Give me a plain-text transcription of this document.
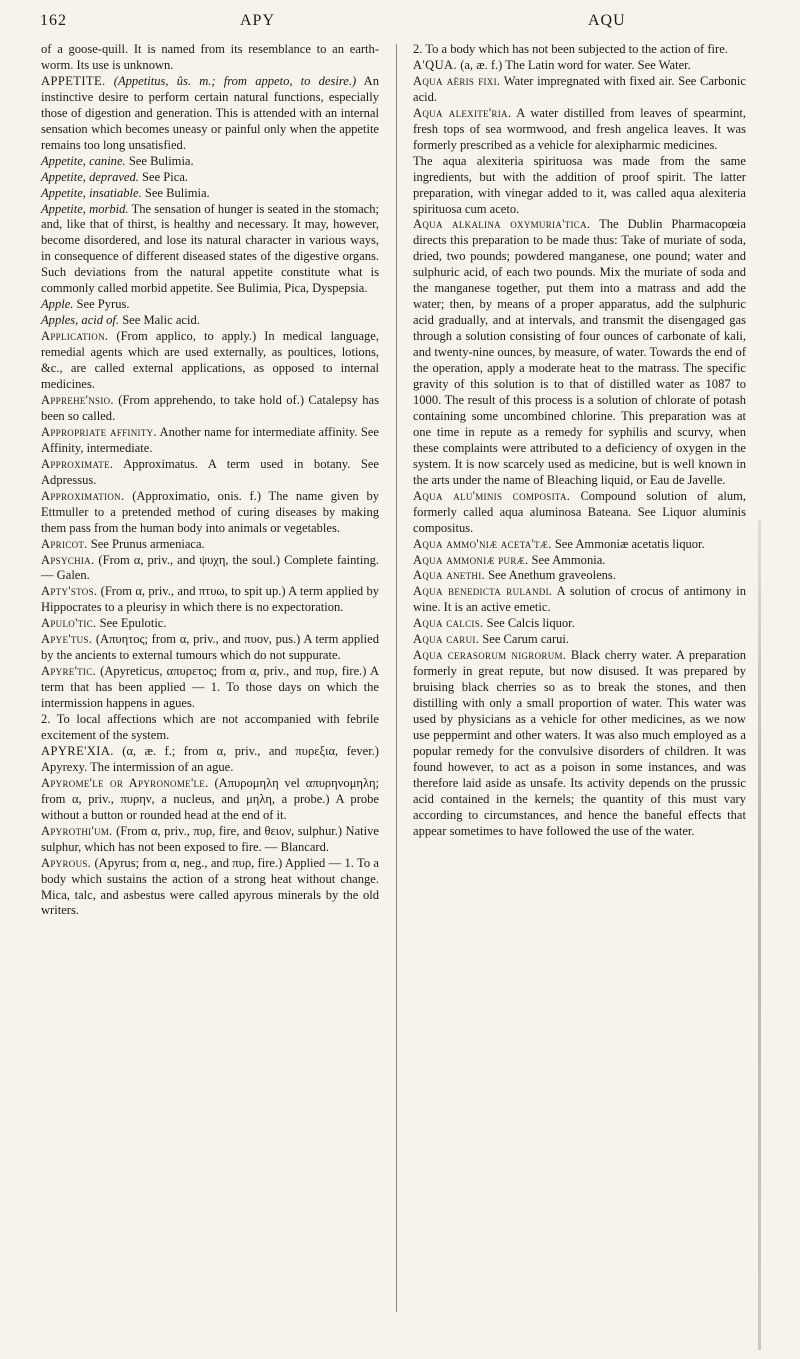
162	APY	AQU

of a goose-quill. It is named from its resemblance to an earth-worm. Its use is unknown.

APPETITE. (Appetitus, ûs. m.; from appeto, to desire.) An instinctive desire to perform certain natural functions, especially those of digestion and generation. This is attended with an internal sensation which becomes uneasy or painful only when the appetite remains too long unsatisfied.

Appetite, canine. See Bulimia.

Appetite, depraved. See Pica.

Appetite, insatiable. See Bulimia.

Appetite, morbid. The sensation of hunger is seated in the stomach; and, like that of thirst, is healthy and necessary. It may, however, become disordered, and lose its natural character in various ways, in consequence of different diseased states of the digestive organs. Such deviations from the natural appetite constitute what is commonly called morbid appetite. See Bulimia, Pica, Dyspepsia.

Apple. See Pyrus.

Apples, acid of. See Malic acid.

Application. (From applico, to apply.) In medical language, remedial agents which are used externally, as poultices, lotions, &c., are called external applications, as opposed to internal medicines.

Apprehe'nsio. (From apprehendo, to take hold of.) Catalepsy has been so called.

Appropriate affinity. Another name for intermediate affinity. See Affinity, intermediate.

Approximate. Approximatus. A term used in botany. See Adpressus.

Approximation. (Approximatio, onis. f.) The name given by Ettmuller to a pretended method of curing diseases by making them pass from the human body into animals or vegetables.

Apricot. See Prunus armeniaca.

Apsychia. (From α, priv., and ψυχη, the soul.) Complete fainting. — Galen.

Apty'stos. (From α, priv., and πτυω, to spit up.) A term applied by Hippocrates to a pleurisy in which there is no expectoration.

Apulo'tic. See Epulotic.

Apye'tus. (Απυητος; from α, priv., and πυον, pus.) A term applied by the ancients to external tumours which do not suppurate.

Apyre'tic. (Apyreticus, απυρετος; from α, priv., and πυρ, fire.) A term that has been applied — 1. To those days on which the intermission happens in agues.

2. To local affections which are not accompanied with febrile excitement of the system.

APYRE'XIA. (α, æ. f.; from α, priv., and πυρεξια, fever.) Apyrexy. The intermission of an ague.

Apyrome'le or Apyronome'le. (Απυρομηλη vel απυρηνομηλη; from α, priv., πυρην, a nucleus, and μηλη, a probe.) A probe without a button or rounded head at the end of it.

Apyrothi'um. (From α, priv., πυρ, fire, and θειον, sulphur.) Native sulphur, which has not been exposed to fire. — Blancard.

Apyrous. (Apyrus; from α, neg., and πυρ, fire.) Applied — 1. To a body which sustains the action of a strong heat without change. Mica, talc, and asbestus were called apyrous minerals by the old writers.

2. To a body which has not been subjected to the action of fire.

A'QUA. (a, æ. f.) The Latin word for water. See Water.

Aqua aëris fixi. Water impregnated with fixed air. See Carbonic acid.

Aqua alexite'ria. A water distilled from leaves of spearmint, fresh tops of sea wormwood, and fresh angelica leaves. It was formerly prescribed as a vehicle for alexipharmic medicines.

The aqua alexiteria spirituosa was made from the same ingredients, but with the addition of proof spirit. The latter preparation, with vinegar added to it, was called aqua alexiteria spirituosa cum aceto.

Aqua alkalina oxymuria'tica. The Dublin Pharmacopœia directs this preparation to be made thus: Take of muriate of soda, dried, two pounds; powdered manganese, one pound; water and sulphuric acid, of each two pounds. Mix the muriate of soda and the manganese together, put them into a matrass and add the water; then, by means of a proper apparatus, add the sulphuric acid gradually, and at intervals, and transmit the disengaged gas through a solution consisting of four ounces of carbonate of kali, and twenty-nine ounces, by measure, of water. Towards the end of the operation, apply a moderate heat to the matrass. The specific gravity of this solution is to that of distilled water as 1087 to 1000. The result of this process is a solution of chlorate of potash containing some uncombined chlorine. This preparation was at one time in repute as a remedy for syphilis and scurvy, when these complaints were attributed to a deficiency of oxygen in the system. It is now scarcely used as medicine, but is well known in the arts under the name of Bleaching liquid, or Eau de Javelle.

Aqua alu'minis composita. Compound solution of alum, formerly called aqua aluminosa Bateana. See Liquor aluminis compositus.

Aqua ammo'niæ aceta'tæ. See Ammoniæ acetatis liquor.

Aqua ammoniæ puræ. See Ammonia.

Aqua anethi. See Anethum graveolens.

Aqua benedicta rulandi. A solution of crocus of antimony in wine. It is an active emetic.

Aqua calcis. See Calcis liquor.

Aqua carui. See Carum carui.

Aqua cerasorum nigrorum. Black cherry water. A preparation formerly in great repute, but now disused. It was prepared by bruising black cherries so as to break the stones, and then distilling with only a small proportion of water. This water was used by physicians as a vehicle for other medicines, as we now use peppermint and other waters. It was also much employed as a popular remedy for the convulsive disorders of children. It was found however, to act as a poison in some instances, and was therefore laid aside as unsafe. Its activity depends on the prussic acid contained in the kernels; the quantity of this must vary according to circumstances, and hence the baneful effects that appear sometimes to have followed the use of the water.
